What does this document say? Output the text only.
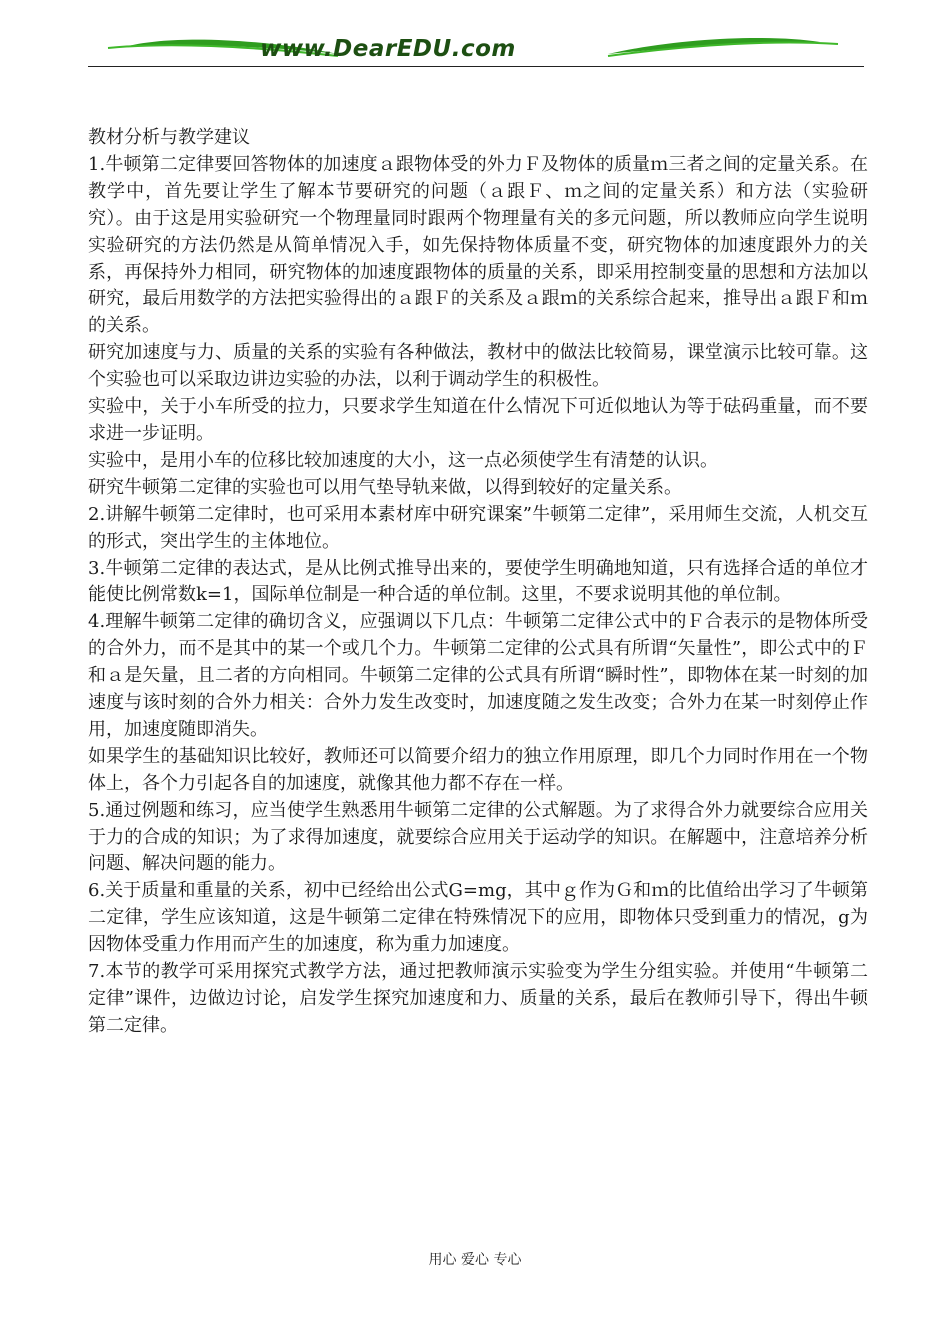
www.DearEDU.com

教材分析与教学建议

1.牛顿第二定律要回答物体的加速度ａ跟物体受的外力Ｆ及物体的质量ｍ三者之间的定量关系。在教学中，首先要让学生了解本节要研究的问题（ａ跟Ｆ、ｍ之间的定量关系）和方法（实验研究）。由于这是用实验研究一个物理量同时跟两个物理量有关的多元问题，所以教师应向学生说明实验研究的方法仍然是从简单情况入手，如先保持物体质量不变，研究物体的加速度跟外力的关系，再保持外力相同，研究物体的加速度跟物体的质量的关系，即采用控制变量的思想和方法加以研究，最后用数学的方法把实验得出的ａ跟Ｆ的关系及ａ跟ｍ的关系综合起来，推导出ａ跟Ｆ和ｍ的关系。

研究加速度与力、质量的关系的实验有各种做法，教材中的做法比较简易，课堂演示比较可靠。这个实验也可以采取边讲边实验的办法，以利于调动学生的积极性。

实验中，关于小车所受的拉力，只要求学生知道在什么情况下可近似地认为等于砝码重量，而不要求进一步证明。

实验中，是用小车的位移比较加速度的大小，这一点必须使学生有清楚的认识。

研究牛顿第二定律的实验也可以用气垫导轨来做，以得到较好的定量关系。

2.讲解牛顿第二定律时，也可采用本素材库中研究课案”牛顿第二定律”，采用师生交流，人机交互的形式，突出学生的主体地位。

3.牛顿第二定律的表达式，是从比例式推导出来的，要使学生明确地知道，只有选择合适的单位才能使比例常数k=1，国际单位制是一种合适的单位制。这里，不要求说明其他的单位制。

4.理解牛顿第二定律的确切含义，应强调以下几点：牛顿第二定律公式中的Ｆ合表示的是物体所受的合外力，而不是其中的某一个或几个力。牛顿第二定律的公式具有所谓“矢量性”，即公式中的Ｆ和ａ是矢量，且二者的方向相同。牛顿第二定律的公式具有所谓“瞬时性”，即物体在某一时刻的加速度与该时刻的合外力相关：合外力发生改变时，加速度随之发生改变；合外力在某一时刻停止作用，加速度随即消失。

如果学生的基础知识比较好，教师还可以简要介绍力的独立作用原理，即几个力同时作用在一个物体上，各个力引起各自的加速度，就像其他力都不存在一样。

5.通过例题和练习，应当使学生熟悉用牛顿第二定律的公式解题。为了求得合外力就要综合应用关于力的合成的知识；为了求得加速度，就要综合应用关于运动学的知识。在解题中，注意培养分析问题、解决问题的能力。

6.关于质量和重量的关系，初中已经给出公式G=mg，其中ｇ作为Ｇ和ｍ的比值给出学习了牛顿第二定律，学生应该知道，这是牛顿第二定律在特殊情况下的应用，即物体只受到重力的情况，g为因物体受重力作用而产生的加速度，称为重力加速度。

7.本节的教学可采用探究式教学方法，通过把教师演示实验变为学生分组实验。并使用“牛顿第二定律”课件，边做边讨论，启发学生探究加速度和力、质量的关系，最后在教师引导下，得出牛顿第二定律。

用心 爱心 专心
